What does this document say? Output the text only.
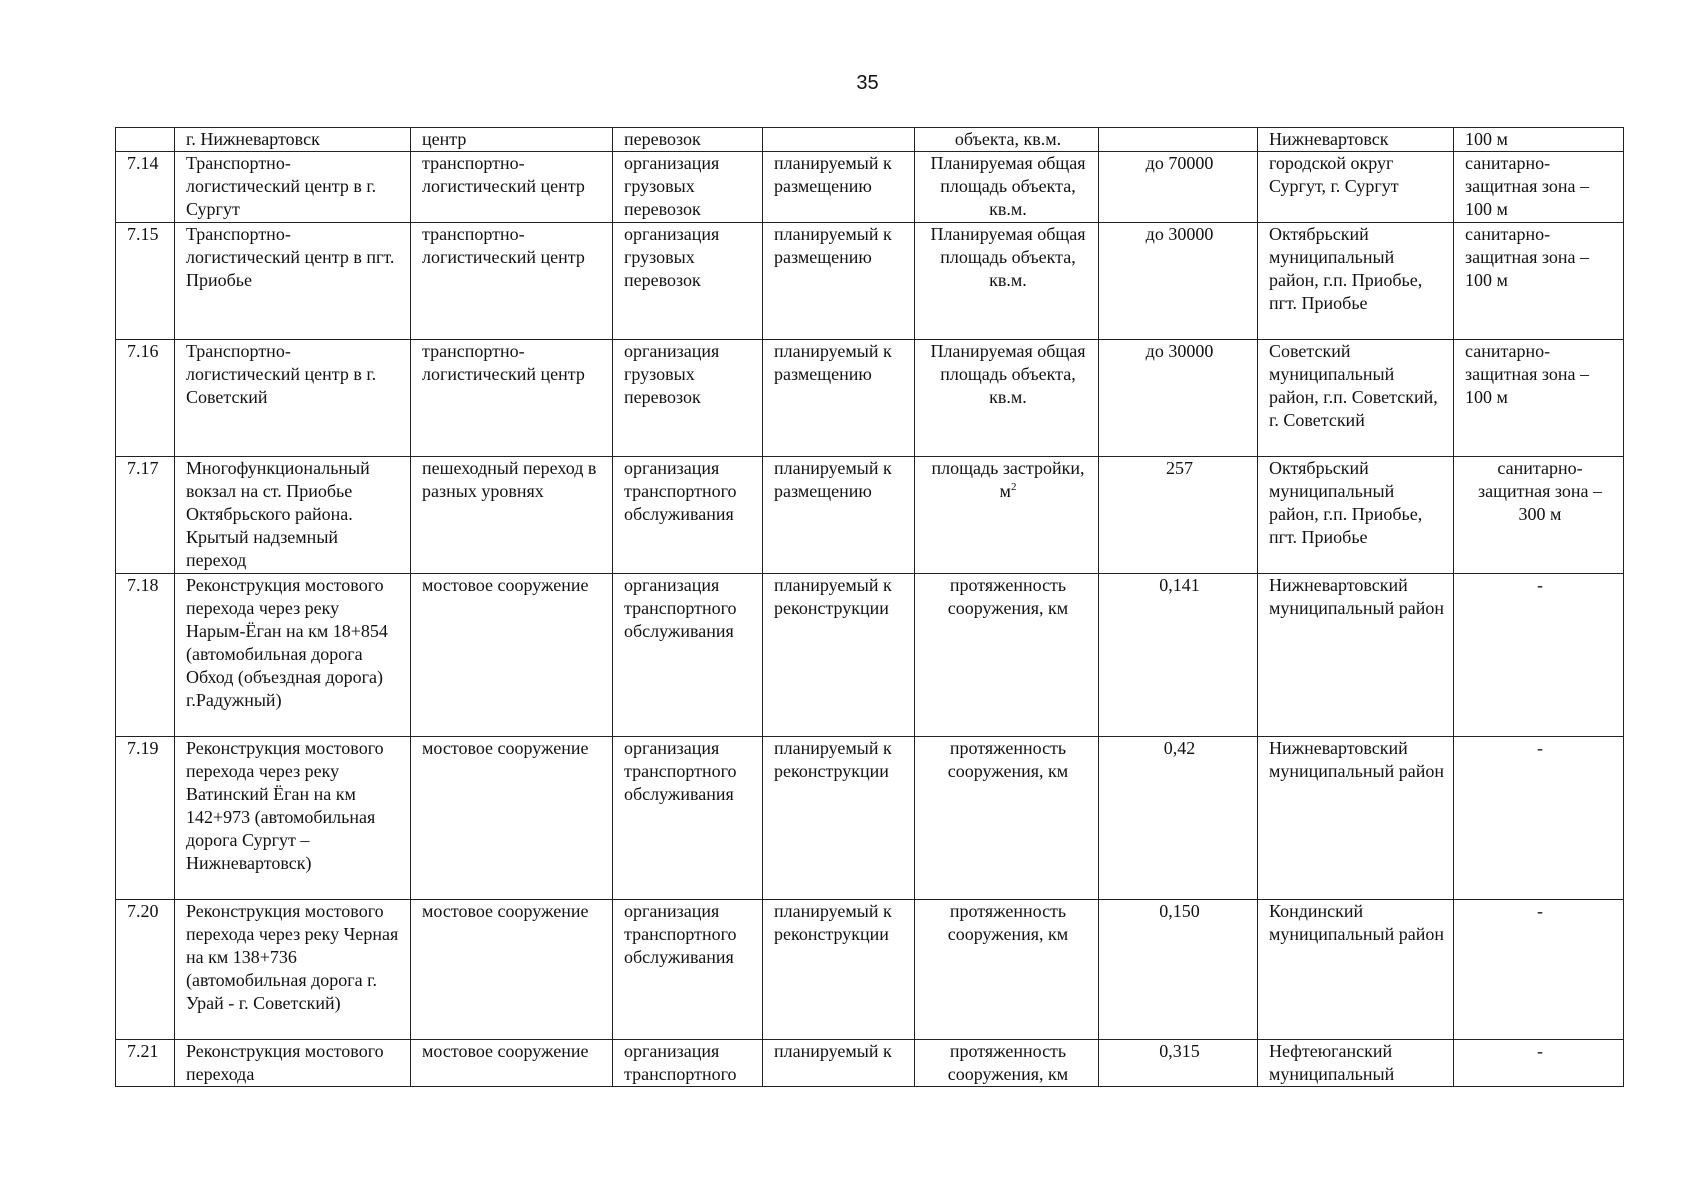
35
	г. Нижневартовск	центр	перевозок		объекта, кв.м.		Нижневартовск	100 м
7.14	Транспортно-логистический центр в г. Сургут	транспортно-логистический центр	организация грузовых перевозок	планируемый к размещению	Планируемая общая площадь объекта, кв.м.	до 70000	городской округ Сургут, г. Сургут	санитарно-защитная зона – 100 м
7.15	Транспортно-логистический центр в пгт. Приобье	транспортно-логистический центр	организация грузовых перевозок	планируемый к размещению	Планируемая общая площадь объекта, кв.м.	до 30000	Октябрьский муниципальный район, г.п. Приобье, пгт. Приобье	санитарно-защитная зона – 100 м
7.16	Транспортно-логистический центр в г. Советский	транспортно-логистический центр	организация грузовых перевозок	планируемый к размещению	Планируемая общая площадь объекта, кв.м.	до 30000	Советский муниципальный район, г.п. Советский, г. Советский	санитарно-защитная зона – 100 м
7.17	Многофункциональный вокзал на ст. Приобье Октябрьского района. Крытый надземный переход	пешеходный переход в разных уровнях	организация транспортного обслуживания	планируемый к размещению	площадь застройки, $м^2$	257	Октябрьский муниципальный район, г.п. Приобье, пгт. Приобье	санитарно-защитная зона – 300 м
7.18	Реконструкция мостового перехода через реку Нарым-Ёган на км 18+854 (автомобильная дорога Обход (объездная дорога) г.Радужный)	мостовое сооружение	организация транспортного обслуживания	планируемый к реконструкции	протяженность сооружения, км	0,141	Нижневартовский муниципальный район	-
7.19	Реконструкция мостового перехода через реку Ватинский Ёган на км 142+973 (автомобильная дорога Сургут – Нижневартовск)	мостовое сооружение	организация транспортного обслуживания	планируемый к реконструкции	протяженность сооружения, км	0,42	Нижневартовский муниципальный район	-
7.20	Реконструкция мостового перехода через реку Черная на км 138+736 (автомобильная дорога г. Урай - г. Советский)	мостовое сооружение	организация транспортного обслуживания	планируемый к реконструкции	протяженность сооружения, км	0,150	Кондинский муниципальный район	-
7.21	Реконструкция мостового перехода	мостовое сооружение	организация транспортного	планируемый к	протяженность сооружения, км	0,315	Нефтеюганский муниципальный	-
